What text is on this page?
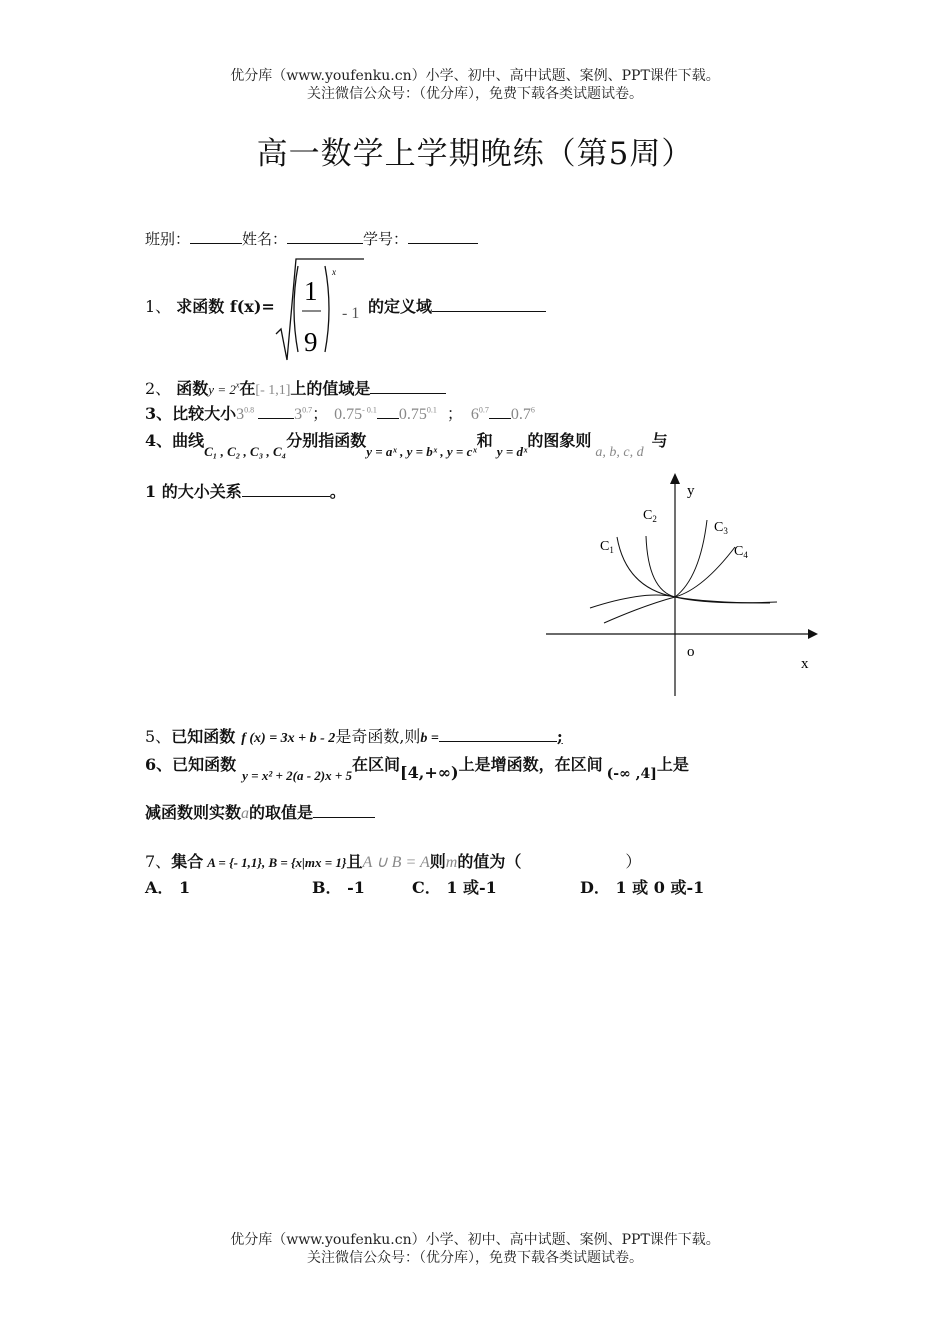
优分库（www.youfenku.cn）小学、初中、高中试题、案例、PPT课件下载。
关注微信公众号：（优分库），免费下载各类试题试卷。
高一数学上学期晚练（第5周）
班别：	姓名：	学号：
1、 求函数 f(x)=
1
9
x
- 1 的定义域
2、 函数$y = 2^x$在[- 1,1]上的值域是
3、比较大小$3^{0.8}$	$3^{0.7}$； $0.75^{- 0.1}$ $0.75^{0.1}$ ； $6^{0.7}$ $0.7^6$
4、曲线$_{C_1 , C_2 , C_3 , C_4}$分别指函数$_{y = aˣ , y = bˣ , y = cˣ}$和$_{y = dˣ}$的图象则a, b, c, d与
1 的大小关系	。	y
x
o
$C_2$
$C_3$
$C_1$	$C_4$
5、已知函数 f (x) = 3x + b - 2是奇函数,则b =	;
6、已知函数$_{y = x^2 + 2(a - 2)x + 5}$在区间[4,+∞)上是增函数，在区间 (-∞ ,4]上是
减函数则实数a的取值是
7、集合 A = {- 1,1}, B = {x|mx = 1}且A ∪ B = A则m的值为（	）
A． 1	B． -1	C． 1 或-1	D． 1 或 0 或-1
优分库（www.youfenku.cn）小学、初中、高中试题、案例、PPT课件下载。
关注微信公众号：（优分库），免费下载各类试题试卷。
